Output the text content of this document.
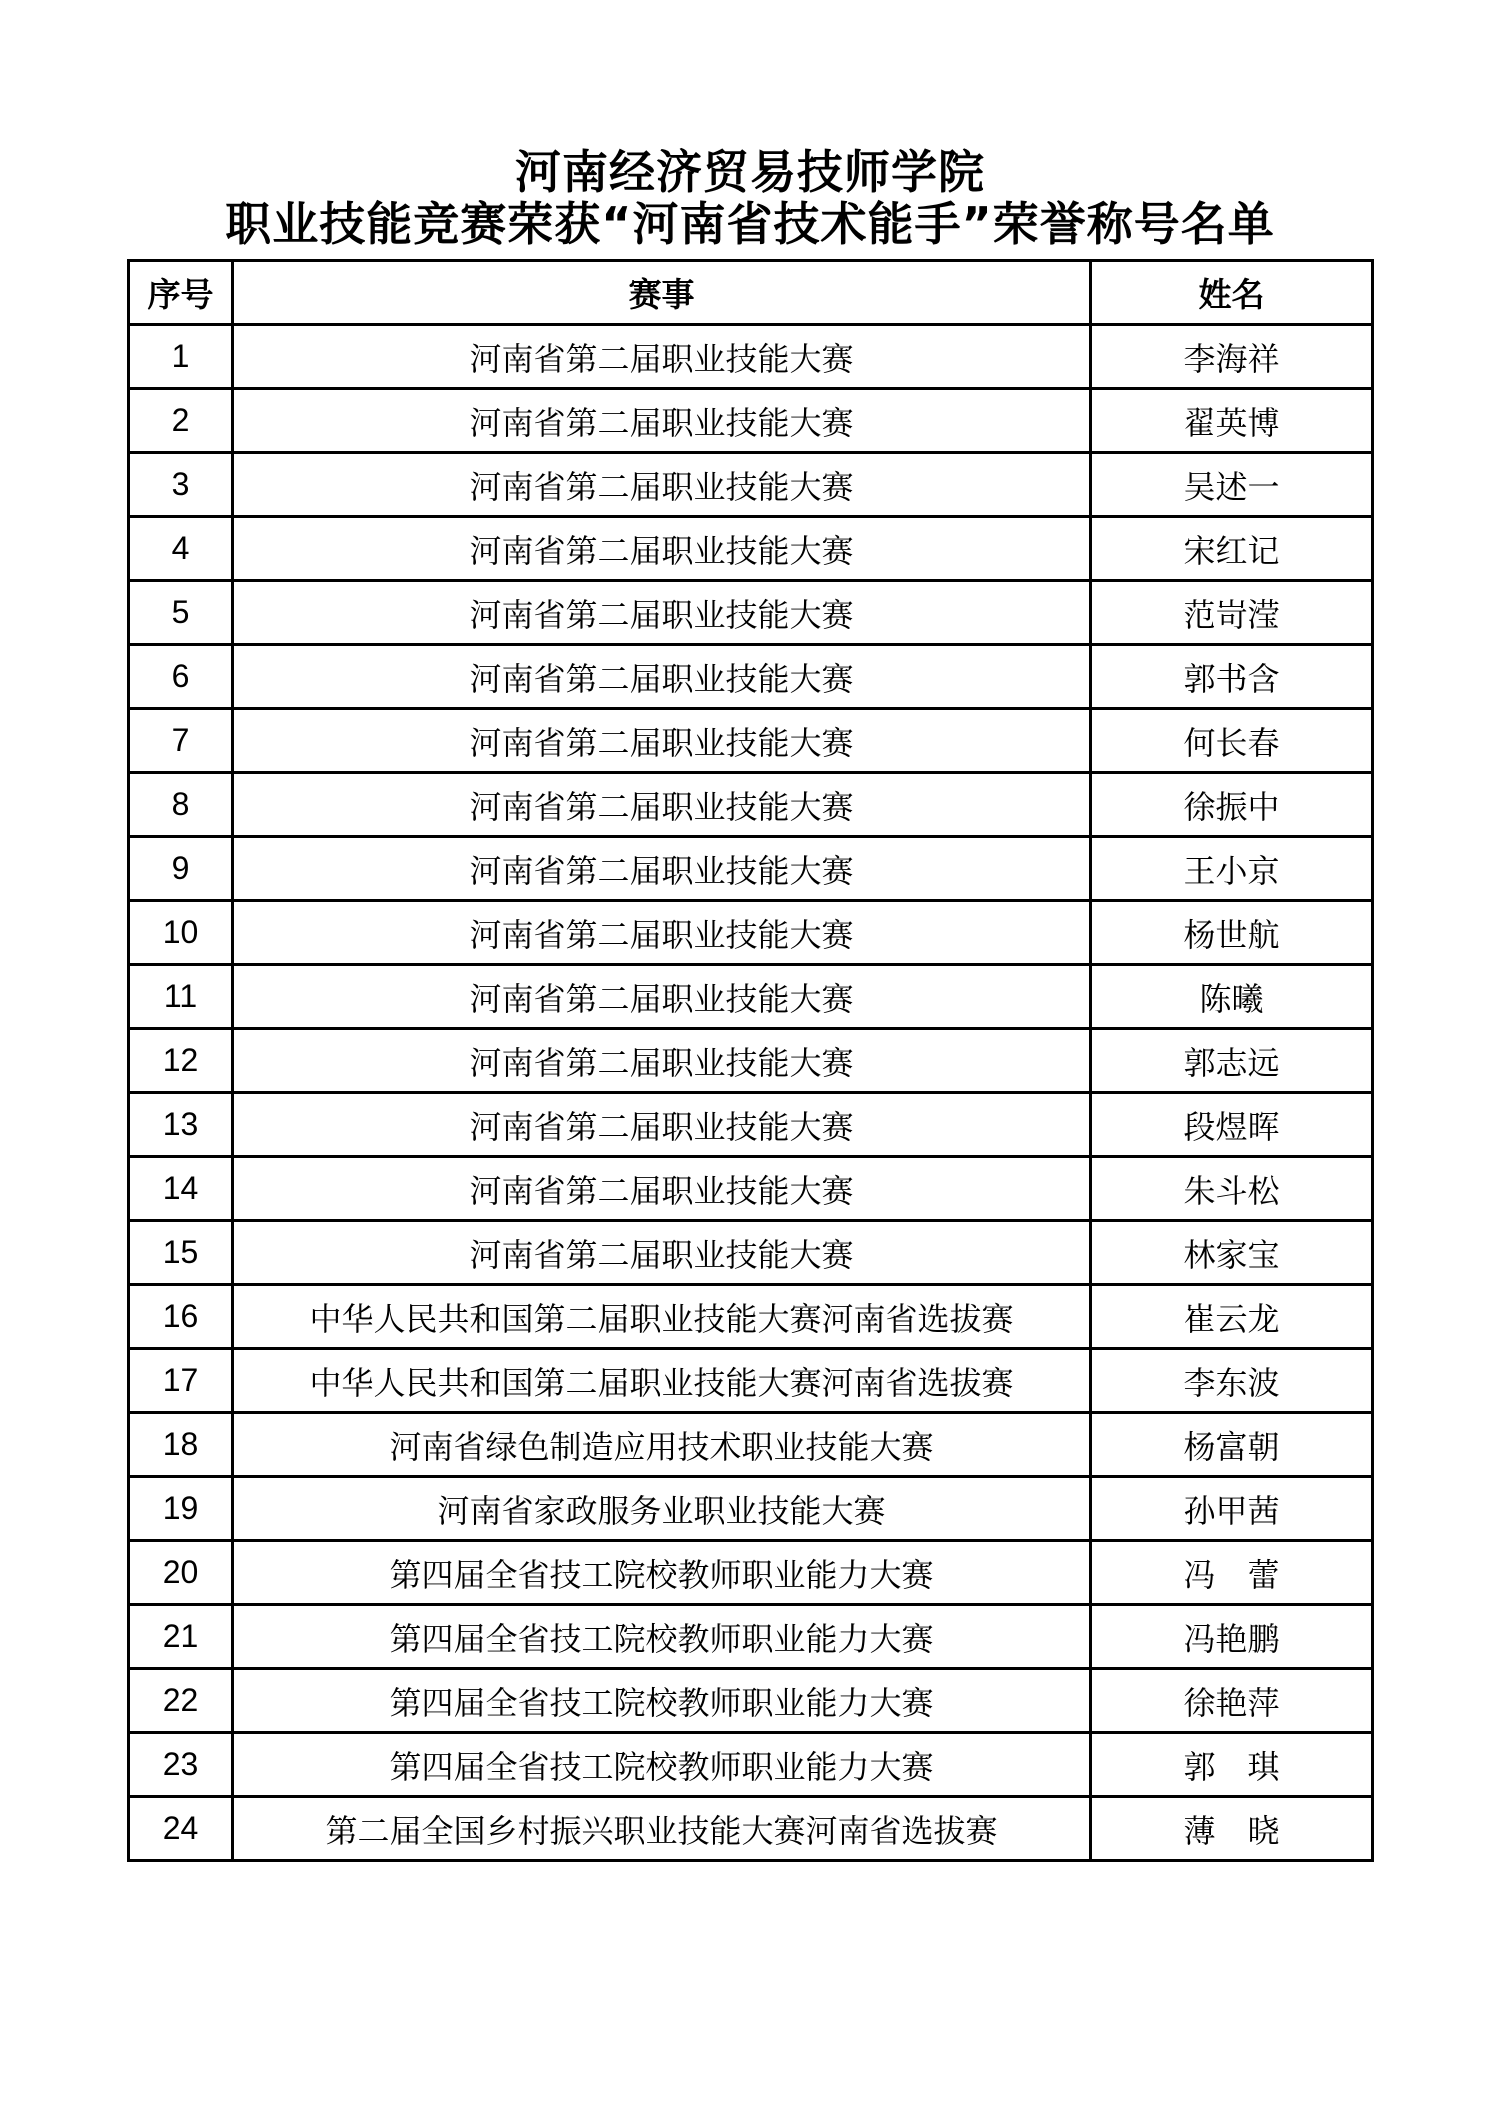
河南经济贸易技师学院
职业技能竞赛荣获“河南省技术能手”荣誉称号名单
序号	赛事	姓名
1	河南省第二届职业技能大赛	李海祥
2	河南省第二届职业技能大赛	翟英博
3	河南省第二届职业技能大赛	吴述一
4	河南省第二届职业技能大赛	宋红记
5	河南省第二届职业技能大赛	范岢滢
6	河南省第二届职业技能大赛	郭书含
7	河南省第二届职业技能大赛	何长春
8	河南省第二届职业技能大赛	徐振中
9	河南省第二届职业技能大赛	王小京
10	河南省第二届职业技能大赛	杨世航
11	河南省第二届职业技能大赛	陈曦
12	河南省第二届职业技能大赛	郭志远
13	河南省第二届职业技能大赛	段煜晖
14	河南省第二届职业技能大赛	朱斗松
15	河南省第二届职业技能大赛	林家宝
16	中华人民共和国第二届职业技能大赛河南省选拔赛	崔云龙
17	中华人民共和国第二届职业技能大赛河南省选拔赛	李东波
18	河南省绿色制造应用技术职业技能大赛	杨富朝
19	河南省家政服务业职业技能大赛	孙甲茜
20	第四届全省技工院校教师职业能力大赛	冯　蕾
21	第四届全省技工院校教师职业能力大赛	冯艳鹏
22	第四届全省技工院校教师职业能力大赛	徐艳萍
23	第四届全省技工院校教师职业能力大赛	郭　琪
24	第二届全国乡村振兴职业技能大赛河南省选拔赛	薄　晓
